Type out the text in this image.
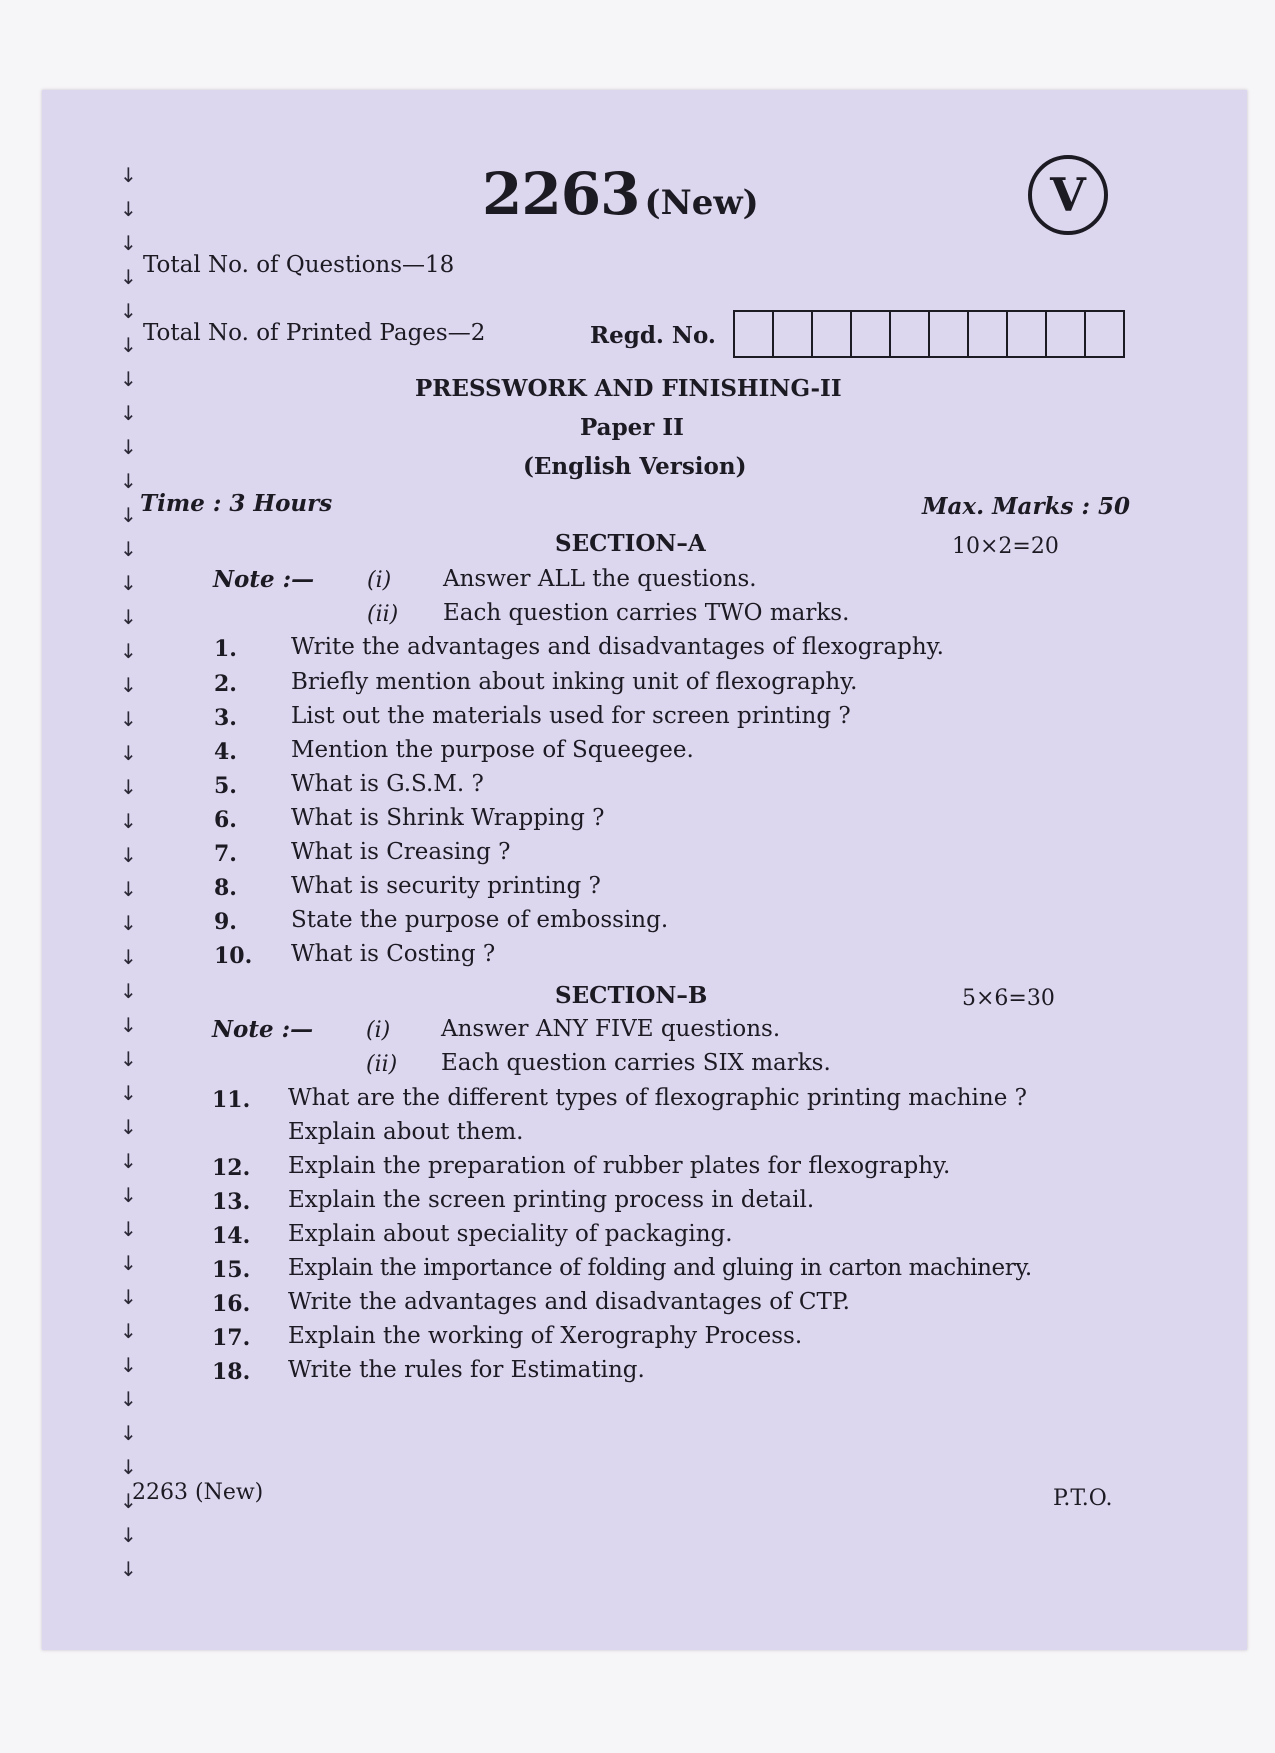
↓
↓
↓
↓
↓
↓
↓
↓
↓
↓
↓
↓
↓
↓
↓
↓
↓
↓
↓
↓
↓
↓
↓
↓
↓
↓
↓
↓
↓
↓
↓
↓
↓
↓
↓
↓
↓
↓
↓
↓
↓
↓
2263 (New)	V
Total No. of Questions—18
Total No. of Printed Pages—2	Regd. No.
PRESSWORK AND FINISHING-II
Paper II
(English Version)
Time : 3 Hours	Max. Marks : 50
SECTION–A	10×2=20
Note :— (i) Answer ALL the questions.
(ii) Each question carries TWO marks.
1. Write the advantages and disadvantages of flexography.
2. Briefly mention about inking unit of flexography.
3. List out the materials used for screen printing ?
4. Mention the purpose of Squeegee.
5. What is G.S.M. ?
6. What is Shrink Wrapping ?
7. What is Creasing ?
8. What is security printing ?
9. State the purpose of embossing.
10. What is Costing ?
SECTION–B	5×6=30
Note :— (i) Answer ANY FIVE questions.
(ii) Each question carries SIX marks.
11. What are the different types of flexographic printing machine ?
Explain about them.
12. Explain the preparation of rubber plates for flexography.
13. Explain the screen printing process in detail.
14. Explain about speciality of packaging.
15. Explain the importance of folding and gluing in carton machinery.
16. Write the advantages and disadvantages of CTP.
17. Explain the working of Xerography Process.
18. Write the rules for Estimating.
2263 (New)	P.T.O.
